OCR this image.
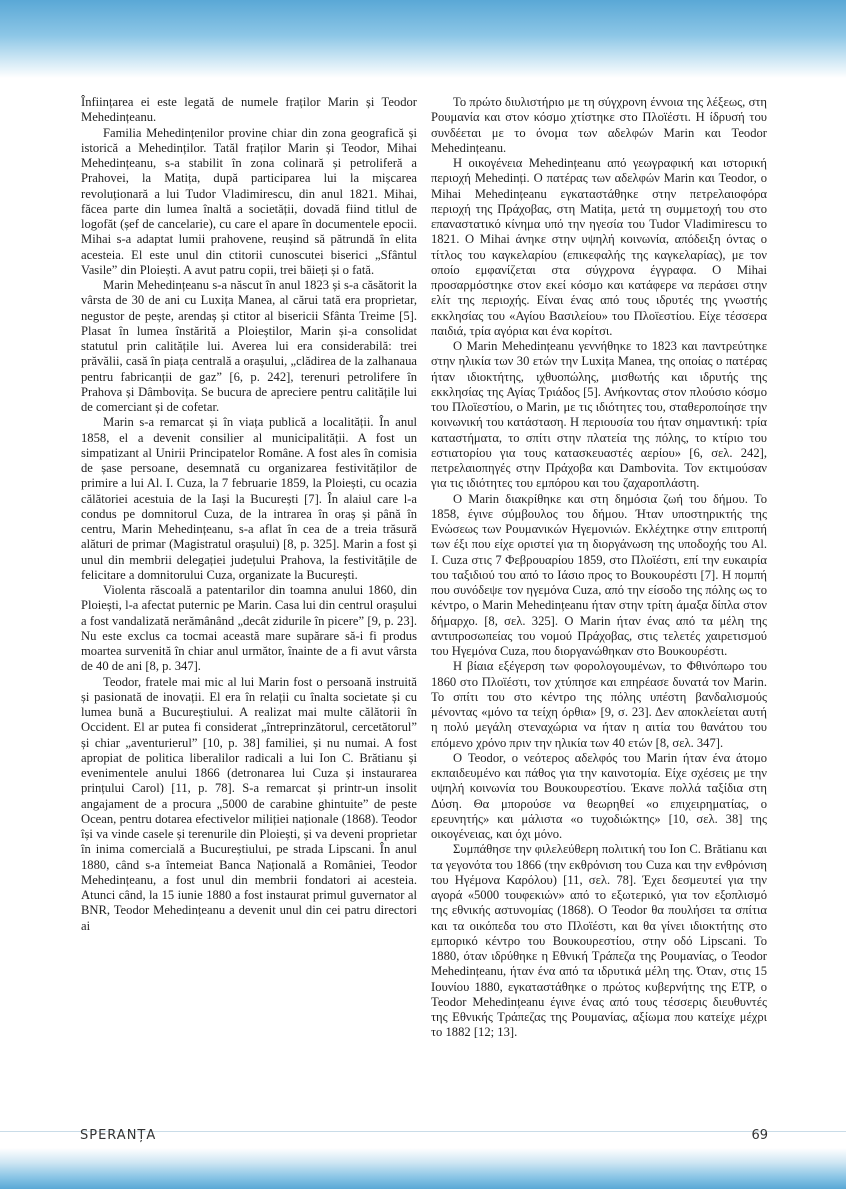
Înființarea ei este legată de numele fraților Marin și Teodor Mehedințeanu.

Familia Mehedințenilor provine chiar din zona geografică și istorică a Mehedinților. Tatăl fraților Marin și Teodor, Mihai Mehedințeanu, s-a stabilit în zona colinară și petroliferă a Prahovei, la Matița, după participarea lui la mișcarea revoluționară a lui Tudor Vladimirescu, din anul 1821. Mihai, făcea parte din lumea înaltă a societății, dovadă fiind titlul de logofăt (șef de cancelarie), cu care el apare în documentele epocii. Mihai s-a adaptat lumii prahovene, reușind să pătrundă în elita acesteia. El este unul din ctitorii cunoscutei biserici „Sfântul Vasile” din Ploiești. A avut patru copii, trei băieți și o fată.

Marin Mehedințeanu s-a născut în anul 1823 și s-a căsătorit la vârsta de 30 de ani cu Luxița Manea, al cărui tată era proprietar, negustor de pește, arendaș și ctitor al bisericii Sfânta Treime [5]. Plasat în lumea înstărită a Ploieștilor, Marin și-a consolidat statutul prin calitățile lui. Averea lui era considerabilă: trei prăvălii, casă în piața centrală a orașului, „clădirea de la zalhanaua pentru fabricanții de gaz” [6, p. 242], terenuri petrolifere în Prahova și Dâmbovița. Se bucura de apreciere pentru calitățile lui de comerciant și de cofetar.

Marin s-a remarcat și în viața publică a localității. În anul 1858, el a devenit consilier al municipalității. A fost un simpatizant al Unirii Principatelor Române. A fost ales în comisia de șase persoane, desemnată cu organizarea festivităților de primire a lui Al. I. Cuza, la 7 februarie 1859, la Ploiești, cu ocazia călătoriei acestuia de la Iași la București [7]. În alaiul care l-a condus pe domnitorul Cuza, de la intrarea în oraș și până în centru, Marin Mehedințeanu, s-a aflat în cea de a treia trăsură alături de primar (Magistratul orașului) [8, p. 325]. Marin a fost și unul din membrii delegației județului Prahova, la festivitățile de felicitare a domnitorului Cuza, organizate la București.

Violenta răscoală a patentarilor din toamna anului 1860, din Ploiești, l-a afectat puternic pe Marin. Casa lui din centrul orașului a fost vandalizată nerămânând „decât zidurile în picere” [9, p. 23]. Nu este exclus ca tocmai această mare supărare să-i fi produs moartea survenită în chiar anul următor, înainte de a fi avut vârsta de 40 de ani [8, p. 347].

Teodor, fratele mai mic al lui Marin fost o persoană instruită și pasionată de inovații. El era în relații cu înalta societate și cu lumea bună a Bucureștiului. A realizat mai multe călătorii în Occident. El ar putea fi considerat „întreprinzătorul, cercetătorul” și chiar „aventurierul” [10, p. 38] familiei, și nu numai. A fost apropiat de politica liberalilor radicali a lui Ion C. Brătianu și evenimentele anului 1866 (detronarea lui Cuza și instaurarea prințului Carol) [11, p. 78]. S-a remarcat și printr-un insolit angajament de a procura „5000 de carabine ghintuite” de peste Ocean, pentru dotarea efectivelor miliției naționale (1868). Teodor își va vinde casele și terenurile din Ploiești, și va deveni proprietar în inima comercială a Bucureștiului, pe strada Lipscani. În anul 1880, când s-a întemeiat Banca Națională a României, Teodor Mehedințeanu, a fost unul din membrii fondatori ai acesteia. Atunci când, la 15 iunie 1880 a fost instaurat primul guvernator al BNR, Teodor Mehedințeanu a devenit unul din cei patru directori ai

Το πρώτο διυλιστήριο με τη σύγχρονη έννοια της λέξεως, στη Ρουμανία και στον κόσμο χτίστηκε στο Πλοϊέστι. Η ίδρυσή του συνδέεται με το όνομα των αδελφών Marin και Teodor Mehedințeanu.

Η οικογένεια Mehedințeanu από γεωγραφική και ιστορική περιοχή Mehedinți. Ο πατέρας των αδελφών Marin και Teodor, ο Mihai Mehedințeanu εγκαταστάθηκε στην πετρελαιοφόρα περιοχή της Πράχοβας, στη Matița, μετά τη συμμετοχή του στο επαναστατικό κίνημα υπό την ηγεσία του Tudor Vladimirescu το 1821. Ο Mihai άνηκε στην υψηλή κοινωνία, απόδειξη όντας ο τίτλος του καγκελαρίου (επικεφαλής της καγκελαρίας), με τον οποίο εμφανίζεται στα σύγχρονα έγγραφα. Ο Mihai προσαρμόστηκε στον εκεί κόσμο και κατάφερε να περάσει στην ελίτ της περιοχής. Είναι ένας από τους ιδρυτές της γνωστής εκκλησίας του «Αγίου Βασιλείου» του Πλοϊεστίου. Είχε τέσσερα παιδιά, τρία αγόρια και ένα κορίτσι.

Ο Marin Mehedințeanu γεννήθηκε το 1823 και παντρεύτηκε στην ηλικία των 30 ετών την Luxița Manea, της οποίας ο πατέρας ήταν ιδιοκτήτης, ιχθυοπώλης, μισθωτής και ιδρυτής της εκκλησίας της Αγίας Τριάδος [5]. Ανήκοντας στον πλούσιο κόσμο του Πλοϊεστίου, ο Marin, με τις ιδιότητες του, σταθεροποίησε την κοινωνική του κατάσταση. Η περιουσία του ήταν σημαντική: τρία καταστήματα, το σπίτι στην πλατεία της πόλης, το κτίριο του εστιατορίου για τους κατασκευαστές αερίου» [6, σελ. 242], πετρελαιοπηγές στην Πράχοβα και Dambovita. Τον εκτιμούσαν για τις ιδιότητες του εμπόρου και του ζαχαροπλάστη.

Ο Marin διακρίθηκε και στη δημόσια ζωή του δήμου. Το 1858, έγινε σύμβουλος του δήμου. Ήταν υποστηρικτής της Ενώσεως των Ρουμανικών Ηγεμονιών. Εκλέχτηκε στην επιτροπή των έξι που είχε οριστεί για τη διοργάνωση της υποδοχής του Al. I. Cuza στις 7 Φεβρουαρίου 1859, στο Πλοϊέστι, επί την ευκαιρία του ταξιδιού του από το Ιάσιο προς το Βουκουρέστι [7]. Η πομπή που συνόδεψε τον ηγεμόνα Cuza, από την είσοδο της πόλης ως το κέντρο, ο Marin Mehedințeanu ήταν στην τρίτη άμαξα δίπλα στον δήμαρχο. [8, σελ. 325]. Ο Marin ήταν ένας από τα μέλη της αντιπροσωπείας του νομού Πράχοβας, στις τελετές χαιρετισμού του Ηγεμόνα Cuza, που διοργανώθηκαν στο Βουκουρέστι.

Η βίαια εξέγερση των φορολογουμένων, το Φθινόπωρο του 1860 στο Πλοϊέστι, τον χτύπησε και επηρέασε δυνατά τον Marin. Το σπίτι του στο κέντρο της πόλης υπέστη βανδαλισμούς μένοντας «μόνο τα τείχη όρθια» [9, σ. 23]. Δεν αποκλείεται αυτή η πολύ μεγάλη στεναχώρια να ήταν η αιτία του θανάτου του επόμενο χρόνο πριν την ηλικία των 40 ετών [8, σελ. 347].

Ο Teodor, ο νεότερος αδελφός του Marin ήταν ένα άτομο εκπαιδευμένο και πάθος για την καινοτομία. Είχε σχέσεις με την υψηλή κοινωνία του Βουκουρεστίου. Έκανε πολλά ταξίδια στη Δύση. Θα μπορούσε να θεωρηθεί «ο επιχειρηματίας, ο ερευνητής» και μάλιστα «ο τυχοδιώκτης» [10, σελ. 38] της οικογένειας, και όχι μόνο.

Συμπάθησε την φιλελεύθερη πολιτική του Ion C. Brătianu και τα γεγονότα του 1866 (την εκθρόνιση του Cuza και την ενθρόνιση του Ηγέμονα Καρόλου) [11, σελ. 78]. Έχει δεσμευτεί για την αγορά «5000 τουφεκιών» από το εξωτερικό, για τον εξοπλισμό της εθνικής αστυνομίας (1868). Ο Teodor θα πουλήσει τα σπίτια και τα οικόπεδα του στο Πλοϊέστι, και θα γίνει ιδιοκτήτης στο εμπορικό κέντρο του Βουκουρεστίου, στην οδό Lipscani. Το 1880, όταν ιδρύθηκε η Εθνική Τράπεζα της Ρουμανίας, ο Teodor Mehedințeanu, ήταν ένα από τα ιδρυτικά μέλη της. Όταν, στις 15 Ιουνίου 1880, εγκαταστάθηκε ο πρώτος κυβερνήτης της ΕΤΡ, ο Teodor Mehedințeanu έγινε ένας από τους τέσσερις διευθυντές της Εθνικής Τράπεζας της Ρουμανίας, αξίωμα που κατείχε μέχρι το 1882 [12; 13].

SPERANȚA	69
